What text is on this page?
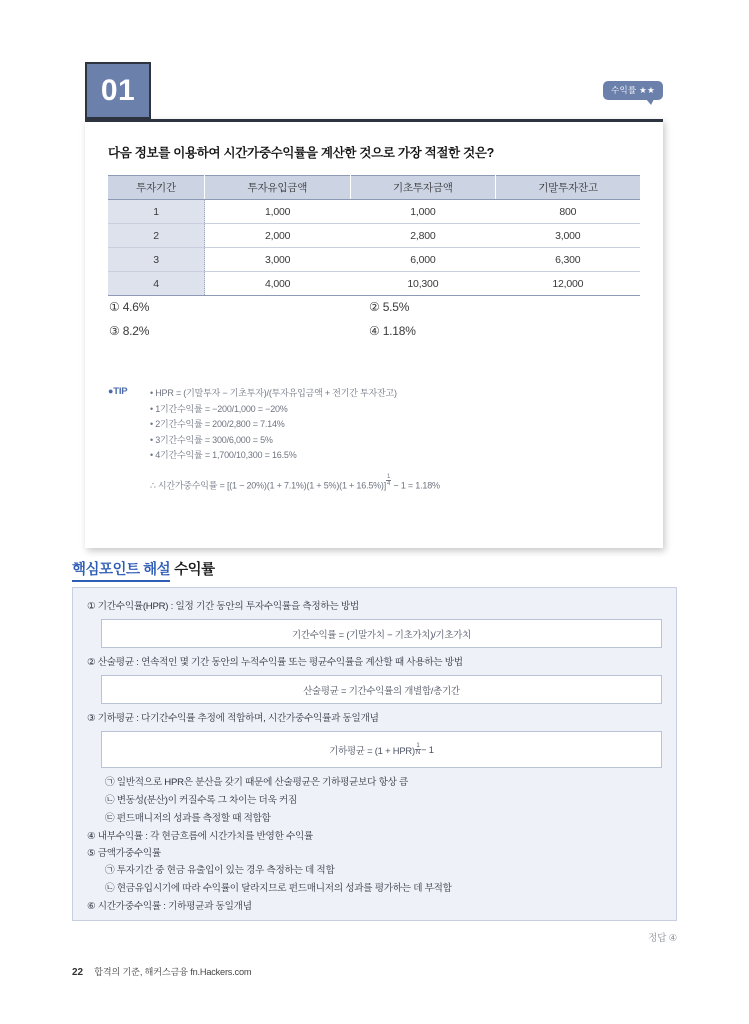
01	수익률 ★★
다음 정보를 이용하여 시간가중수익률을 계산한 것으로 가장 적절한 것은?
투자기간	투자유입금액	기초투자금액	기말투자잔고
1	1,000	1,000	800
2	2,000	2,800	3,000
3	3,000	6,000	6,300
4	4,000	10,300	12,000
① 4.6%	② 5.5%
③ 8.2%	④ 1.18%
●TIP	• HPR = (기말투자 − 기초투자)/(투자유입금액 + 전기간 투자잔고)
• 1기간수익률 = −200/1,000 = −20%
• 2기간수익률 = 200/2,800 = 7.14%
• 3기간수익률 = 300/6,000 = 5%
• 4기간수익률 = 1,700/10,300 = 16.5%
∴ 시간가중수익률 = $[(1 - 20\%)(1 + 7.1\%)(1 + 5\%)(1 + 16.5\%)] \frac{1}{4} - 1 = 1.18\%$
핵심포인트 해설 수익률
① 기간수익률(HPR) : 일정 기간 동안의 투자수익률을 측정하는 방법
기간수익률 = (기말가치 − 기초가치)/기초가치
② 산술평균 : 연속적인 몇 기간 동안의 누적수익률 또는 평균수익률을 계산할 때 사용하는 방법
산술평균 = 기간수익률의 개별합/총기간
③ 기하평균 : 다기간수익률 추정에 적합하며, 시간가중수익률과 동일개념
기하평균 = $(1 + HPR) \frac{1}{N} - 1$
㉠ 일반적으로 HPR은 분산을 갖기 때문에 산술평균은 기하평균보다 항상 큼
㉡ 변동성(분산)이 커질수록 그 차이는 더욱 커짐
㉢ 펀드매니저의 성과를 측정할 때 적합함
④ 내부수익률 : 각 현금흐름에 시간가치를 반영한 수익률
⑤ 금액가중수익률
㉠ 투자기간 중 현금 유출입이 있는 경우 측정하는 데 적합
㉡ 현금유입시기에 따라 수익률이 달라지므로 펀드매니저의 성과를 평가하는 데 부적합
⑥ 시간가중수익률 : 기하평균과 동일개념
정답 ④
22 합격의 기준, 해커스금융 fn.Hackers.com
